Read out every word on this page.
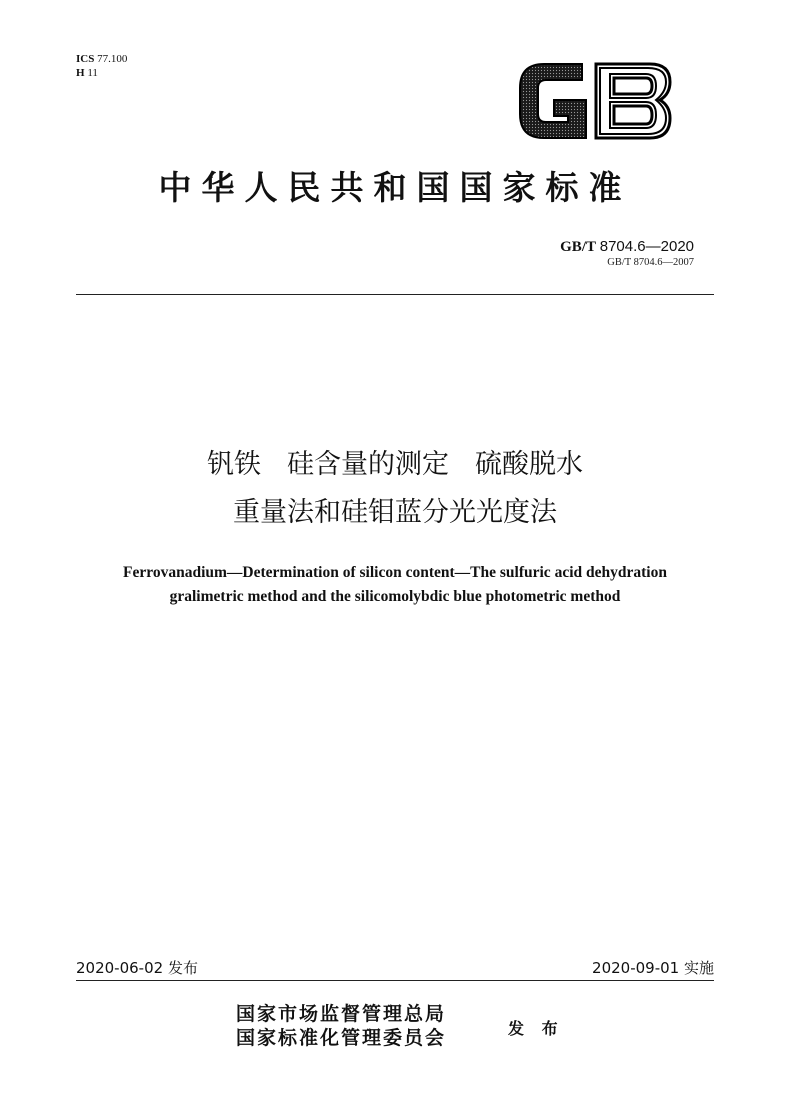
ICS 77.100
H 11
中华人民共和国国家标准
GB/T 8704.6—2020
GB/T 8704.6—2007
钒铁 硅含量的测定 硫酸脱水
重量法和硅钼蓝分光光度法
Ferrovanadium—Determination of silicon content—The sulfuric acid dehydration
gralimetric method and the silicomolybdic blue photometric method
2020-06-02 发布	2020-09-01 实施
国家市场监督管理总局
国家标准化管理委员会	发 布
